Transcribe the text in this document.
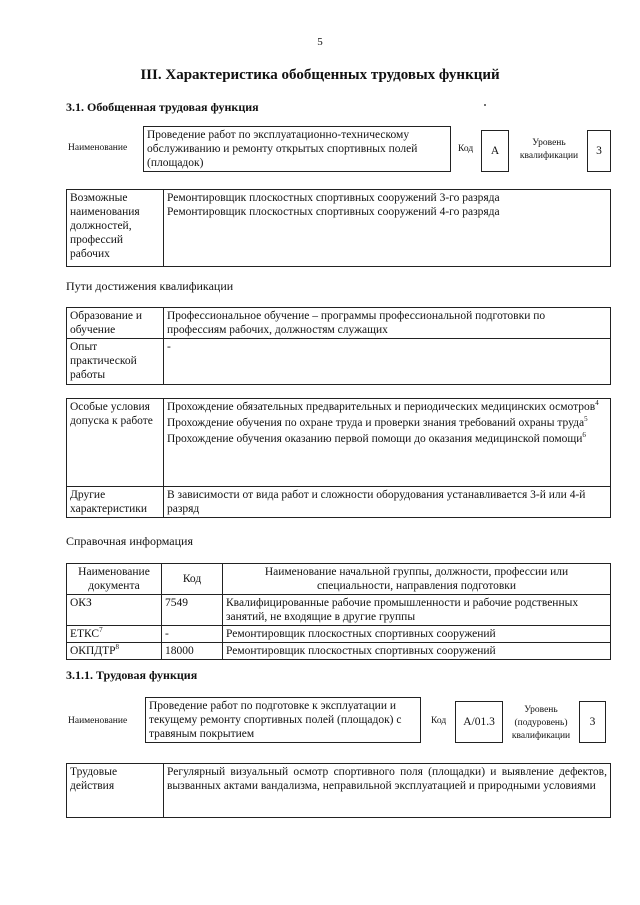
5
III. Характеристика обобщенных трудовых функций
3.1. Обобщенная трудовая функция
Наименование
Проведение работ по эксплуатационно-техническому обслуживанию и ремонту открытых спортивных полей (площадок)
Код	А
Уровень квалификации	3
Возможные наименования должностей, профессий рабочих	
Ремонтировщик плоскостных спортивных сооружений 3-го разряда
Ремонтировщик плоскостных спортивных сооружений 4-го разряда
Пути достижения квалификации
Образование и обучение	Профессиональное обучение – программы профессиональной подготовки по профессиям рабочих, должностям служащих
Опыт практической работы	-
Особые условия допуска к работе	Прохождение обязательных предварительных и периодических медицинских осмотров$^4$
Прохождение обучения по охране труда и проверки знания требований охраны труда$^5$
Прохождение обучения оказанию первой помощи до оказания медицинской помощи$^6$

Другие характеристики	В зависимости от вида работ и сложности оборудования устанавливается 3-й или 4-й разряд
Справочная информация
Наименование документа	Код	Наименование начальной группы, должности, профессии или специальности, направления подготовки
ОКЗ	7549	Квалифицированные рабочие промышленности и рабочие родственных занятий, не входящие в другие группы
ЕТКС$^7$	-	Ремонтировщик плоскостных спортивных сооружений
ОКПДТР$^8$	18000	Ремонтировщик плоскостных спортивных сооружений
3.1.1. Трудовая функция
Наименование
Проведение работ по подготовке к эксплуатации и текущему ремонту спортивных полей (площадок) с травяным покрытием
Код	А/01.3
Уровень (подуровень) квалификации
3
Трудовые действия	Регулярный визуальный осмотр спортивного поля (площадки) и выявление дефектов, вызванных актами вандализма, неправильной эксплуатацией и природными условиями
